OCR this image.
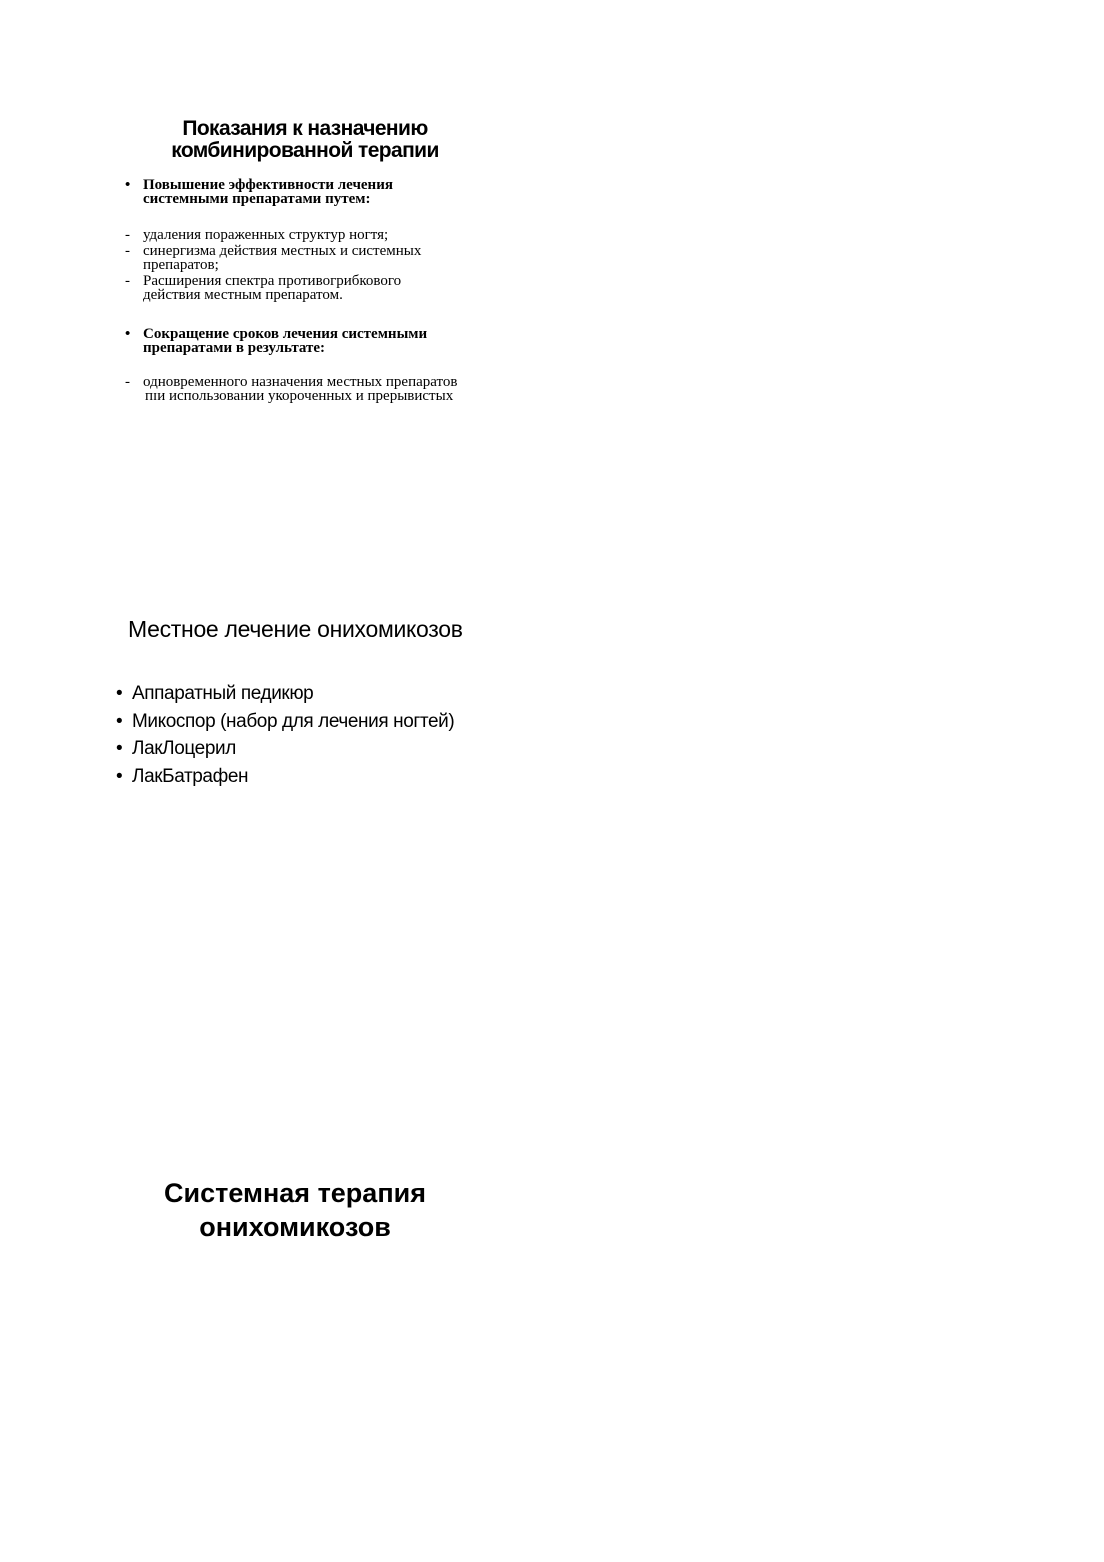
Показания к назначению
комбинированной терапии
• Повышение эффективности лечения
системными препаратами путем:
- удаления пораженных структур ногтя;
- синергизма действия местных и системных
препаратов;
- Расширения спектра противогрибкового
действия местным препаратом.
• Сокращение сроков лечения системными
препаратами в результате:
- одновременного назначения местных препаратов
пɪи использовании укороченных и прерывистых
Местное лечение онихомикозов
• Аппаратный педикюр
• Микоспор (набор для лечения ногтей)
• ЛакЛоцерил
• ЛакБатрафен
Системная терапия
онихомикозов
